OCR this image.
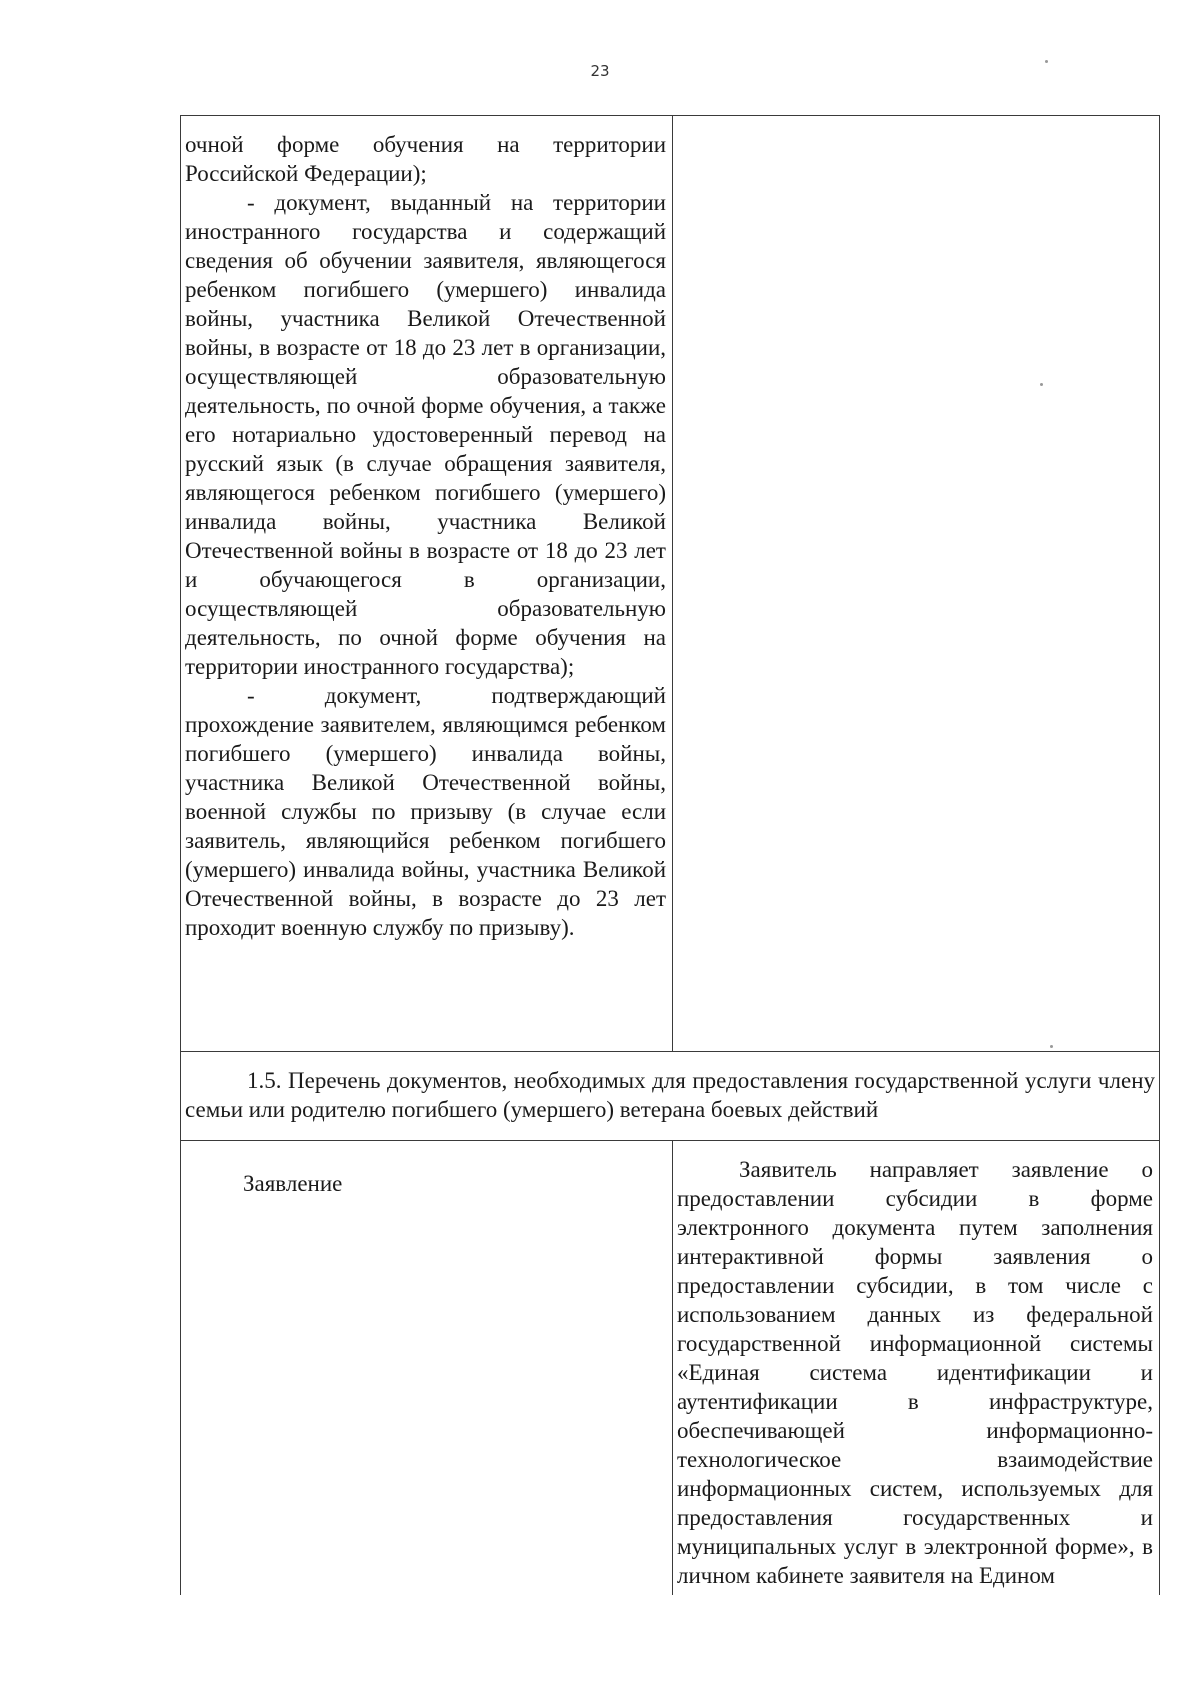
23

очной форме обучения на территории Российской Федерации);

- документ, выданный на территории иностранного государства и содержащий сведения об обучении заявителя, являющегося ребенком погибшего (умершего) инвалида войны, участника Великой Отечественной войны, в возрасте от 18 до 23 лет в организации, осуществляющей образовательную деятельность, по очной форме обучения, а также его нотариально удостоверенный перевод на русский язык (в случае обращения заявителя, являющегося ребенком погибшего (умершего) инвалида войны, участника Великой Отечественной войны в возрасте от 18 до 23 лет и обучающегося в организации, осуществляющей образовательную деятельность, по очной форме обучения на территории иностранного государства);

- документ, подтверждающий прохождение заявителем, являющимся ребенком погибшего (умершего) инвалида войны, участника Великой Отечественной войны, военной службы по призыву (в случае если заявитель, являющийся ребенком погибшего (умершего) инвалида войны, участника Великой Отечественной войны, в возрасте до 23 лет проходит военную службу по призыву).

1.5. Перечень документов, необходимых для предоставления государственной услуги члену семьи или родителю погибшего (умершего) ветерана боевых действий
Заявление

Заявитель направляет заявление о предоставлении субсидии в форме электронного документа путем заполнения интерактивной формы заявления о предоставлении субсидии, в том числе с использованием данных из федеральной государственной информационной системы «Единая система идентификации и аутентификации в инфраструктуре, обеспечивающей информационно-технологическое взаимодействие информационных систем, используемых для предоставления государственных и муниципальных услуг в электронной форме», в личном кабинете заявителя на Едином
